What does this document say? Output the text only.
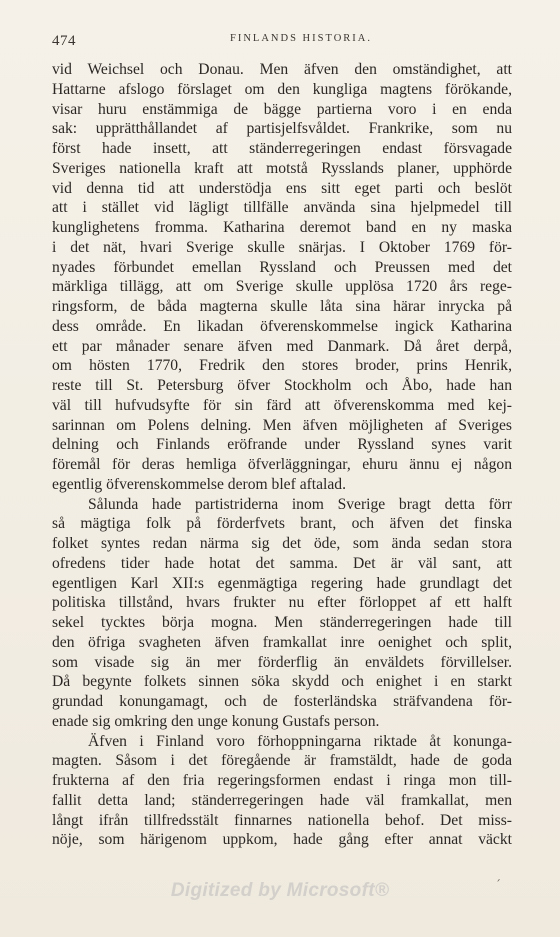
474	FINLANDS HISTORIA.
vid Weichsel och Donau. Men äfven den omständighet, att
Hattarne afslogo förslaget om den kungliga magtens förökande,
visar huru enstämmiga de bägge partierna voro i en enda
sak: upprätthållandet af partisjelfsvåldet. Frankrike, som nu
först hade insett, att ständerregeringen endast försvagade
Sveriges nationella kraft att motstå Rysslands planer, upphörde
vid denna tid att understödja ens sitt eget parti och beslöt
att i stället vid lägligt tillfälle använda sina hjelpmedel till
kunglighetens fromma. Katharina deremot band en ny maska
i det nät, hvari Sverige skulle snärjas. I Oktober 1769 för-
nyades förbundet emellan Ryssland och Preussen med det
märkliga tillägg, att om Sverige skulle upplösa 1720 års rege-
ringsform, de båda magterna skulle låta sina härar inrycka på
dess område. En likadan öfverenskommelse ingick Katharina
ett par månader senare äfven med Danmark. Då året derpå,
om hösten 1770, Fredrik den stores broder, prins Henrik,
reste till St. Petersburg öfver Stockholm och Åbo, hade han
väl till hufvudsyfte för sin färd att öfverenskomma med kej-
sarinnan om Polens delning. Men äfven möjligheten af Sveriges
delning och Finlands eröfrande under Ryssland synes varit
föremål för deras hemliga öfverläggningar, ehuru ännu ej någon
egentlig öfverenskommelse derom blef aftalad.
Sålunda hade partistriderna inom Sverige bragt detta förr
så mägtiga folk på förderfvets brant, och äfven det finska
folket syntes redan närma sig det öde, som ända sedan stora
ofredens tider hade hotat det samma. Det är väl sant, att
egentligen Karl XII:s egenmägtiga regering hade grundlagt det
politiska tillstånd, hvars frukter nu efter förloppet af ett halft
sekel tycktes börja mogna. Men ständerregeringen hade till
den öfriga svagheten äfven framkallat inre oenighet och split,
som visade sig än mer förderflig än enväldets förvillelser.
Då begynte folkets sinnen söka skydd och enighet i en starkt
grundad konungamagt, och de fosterländska sträfvandena för-
enade sig omkring den unge konung Gustafs person.
Äfven i Finland voro förhoppningarna riktade åt konunga-
magten. Såsom i det föregående är framstäldt, hade de goda
frukterna af den fria regeringsformen endast i ringa mon till-
fallit detta land; ständerregeringen hade väl framkallat, men
långt ifrån tillfredsstält finnarnes nationella behof. Det miss-
nöje, som härigenom uppkom, hade gång efter annat väckt
Digitized by Microsoft®	´
